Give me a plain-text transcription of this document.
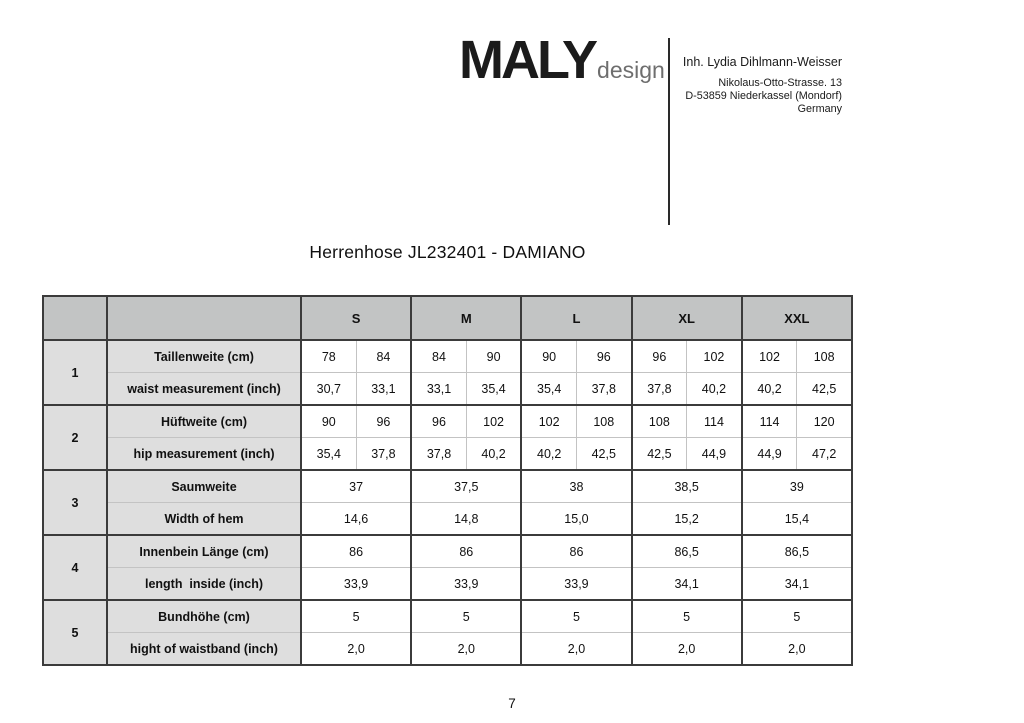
MALY design Inh. Lydia Dihlmann-Weisser
Nikolaus-Otto-Strasse. 13
D-53859 Niederkassel (Mondorf)
Germany
Herrenhose JL232401 - DAMIANO
		S		M		L		XL		XXL	
1	Taillenweite (cm)	78	84	84	90	90	96	96	102	102	108
	waist measurement (inch)	30,7	33,1	33,1	35,4	35,4	37,8	37,8	40,2	40,2	42,5
2	Hüftweite (cm)	90	96	96	102	102	108	108	114	114	120
	hip measurement (inch)	35,4	37,8	37,8	40,2	40,2	42,5	42,5	44,9	44,9	47,2
3	Saumweite	37		37,5		38		38,5		39	
	Width of hem	14,6		14,8		15,0		15,2		15,4	
4	Innenbein Länge (cm)	86		86		86		86,5		86,5	
	length  inside (inch)	33,9		33,9		33,9		34,1		34,1	
5	Bundhöhe (cm)	5		5		5		5		5	
	hight of waistband (inch)	2,0		2,0		2,0		2,0		2,0	
7
